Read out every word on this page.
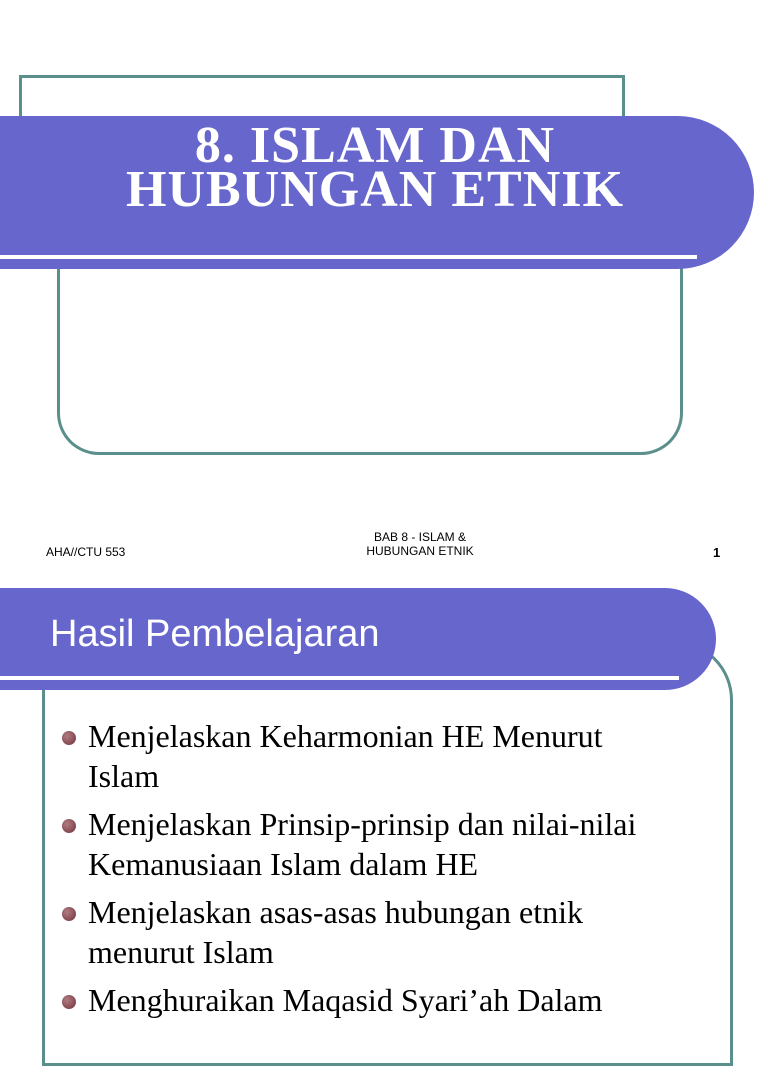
8. ISLAM DAN
HUBUNGAN ETNIK
AHA//CTU 553
BAB 8 - ISLAM &
HUBUNGAN ETNIK	1
Hasil Pembelajaran
Menjelaskan Keharmonian HE Menurut
Islam
Menjelaskan Prinsip-prinsip dan nilai-nilai
Kemanusiaan Islam dalam HE
Menjelaskan asas-asas hubungan etnik
menurut Islam
Menghuraikan Maqasid Syari’ah Dalam
